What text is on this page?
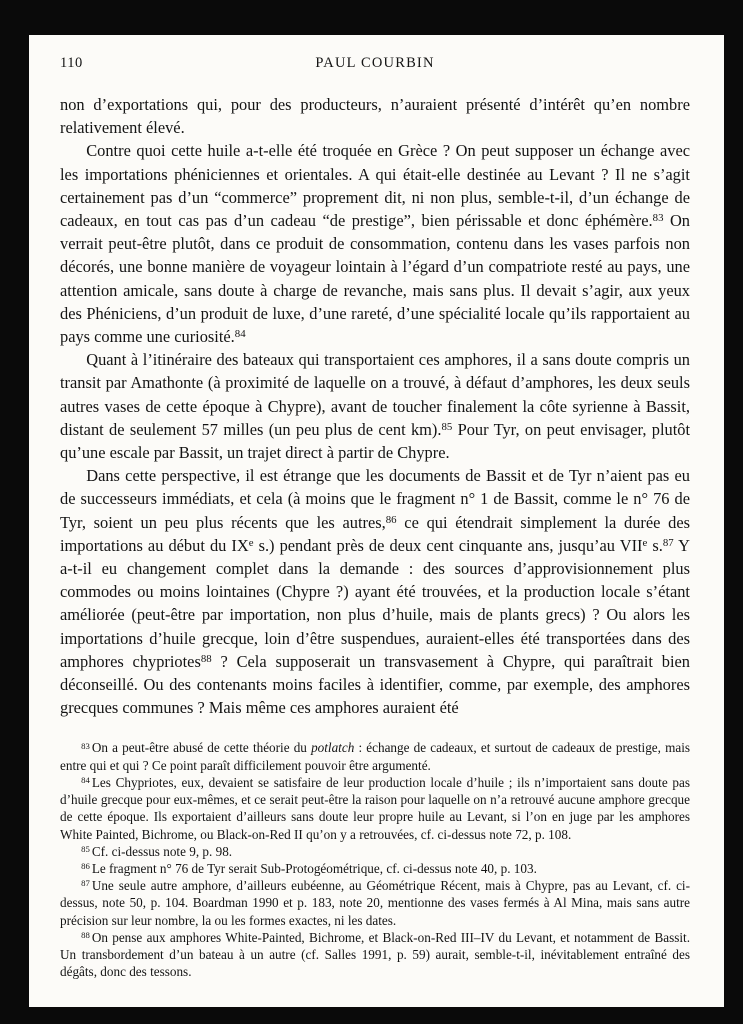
110	PAUL COURBIN

non d’exportations qui, pour des producteurs, n’auraient présenté d’intérêt qu’en nombre relativement élevé.

Contre quoi cette huile a-t-elle été troquée en Grèce ? On peut supposer un échange avec les importations phéniciennes et orientales. A qui était-elle destinée au Levant ? Il ne s’agit certainement pas d’un “commerce” proprement dit, ni non plus, semble-t-il, d’un échange de cadeaux, en tout cas pas d’un cadeau “de prestige”, bien périssable et donc éphémère.$^{83}$ On verrait peut-être plutôt, dans ce produit de consommation, contenu dans les vases parfois non décorés, une bonne manière de voyageur lointain à l’égard d’un compatriote resté au pays, une attention amicale, sans doute à charge de revanche, mais sans plus. Il devait s’agir, aux yeux des Phéniciens, d’un produit de luxe, d’une rareté, d’une spécialité locale qu’ils rapportaient au pays comme une curiosité.$^{84}$

Quant à l’itinéraire des bateaux qui transportaient ces amphores, il a sans doute compris un transit par Amathonte (à proximité de laquelle on a trouvé, à défaut d’amphores, les deux seuls autres vases de cette époque à Chypre), avant de toucher finalement la côte syrienne à Bassit, distant de seulement 57 milles (un peu plus de cent km).$^{85}$ Pour Tyr, on peut envisager, plutôt qu’une escale par Bassit, un trajet direct à partir de Chypre.

Dans cette perspective, il est étrange que les documents de Bassit et de Tyr n’aient pas eu de successeurs immédiats, et cela (à moins que le fragment n° 1 de Bassit, comme le n° 76 de Tyr, soient un peu plus récents que les autres,$^{86}$ ce qui étendrait simplement la durée des importations au début du IXe s.) pendant près de deux cent cinquante ans, jusqu’au VIIe s.$^{87}$ Y a-t-il eu changement complet dans la demande : des sources d’approvisionnement plus commodes ou moins lointaines (Chypre ?) ayant été trouvées, et la production locale s’étant améliorée (peut-être par importation, non plus d’huile, mais de plants grecs) ? Ou alors les importations d’huile grecque, loin d’être suspendues, auraient-elles été transportées dans des amphores chypriotes$^{88}$ ? Cela supposerait un transvasement à Chypre, qui paraîtrait bien déconseillé. Ou des contenants moins faciles à identifier, comme, par exemple, des amphores grecques communes ? Mais même ces amphores auraient été

$^{83}$ On a peut-être abusé de cette théorie du potlatch : échange de cadeaux, et surtout de cadeaux de prestige, mais entre qui et qui ? Ce point paraît difficilement pouvoir être argumenté.

$^{84}$ Les Chypriotes, eux, devaient se satisfaire de leur production locale d’huile ; ils n’importaient sans doute pas d’huile grecque pour eux-mêmes, et ce serait peut-être la raison pour laquelle on n’a retrouvé aucune amphore grecque de cette époque. Ils exportaient d’ailleurs sans doute leur propre huile au Levant, si l’on en juge par les amphores White Painted, Bichrome, ou Black-on-Red II qu’on y a retrouvées, cf. ci-dessus note 72, p. 108.

$^{85}$ Cf. ci-dessus note 9, p. 98.

$^{86}$ Le fragment n° 76 de Tyr serait Sub-Protogéométrique, cf. ci-dessus note 40, p. 103.

$^{87}$ Une seule autre amphore, d’ailleurs eubéenne, au Géométrique Récent, mais à Chypre, pas au Levant, cf. ci-dessus, note 50, p. 104. Boardman 1990 et p. 183, note 20, mentionne des vases fermés à Al Mina, mais sans autre précision sur leur nombre, la ou les formes exactes, ni les dates.

$^{88}$ On pense aux amphores White-Painted, Bichrome, et Black-on-Red III–IV du Levant, et notamment de Bassit. Un transbordement d’un bateau à un autre (cf. Salles 1991, p. 59) aurait, semble-t-il, inévitablement entraîné des dégâts, donc des tessons.
